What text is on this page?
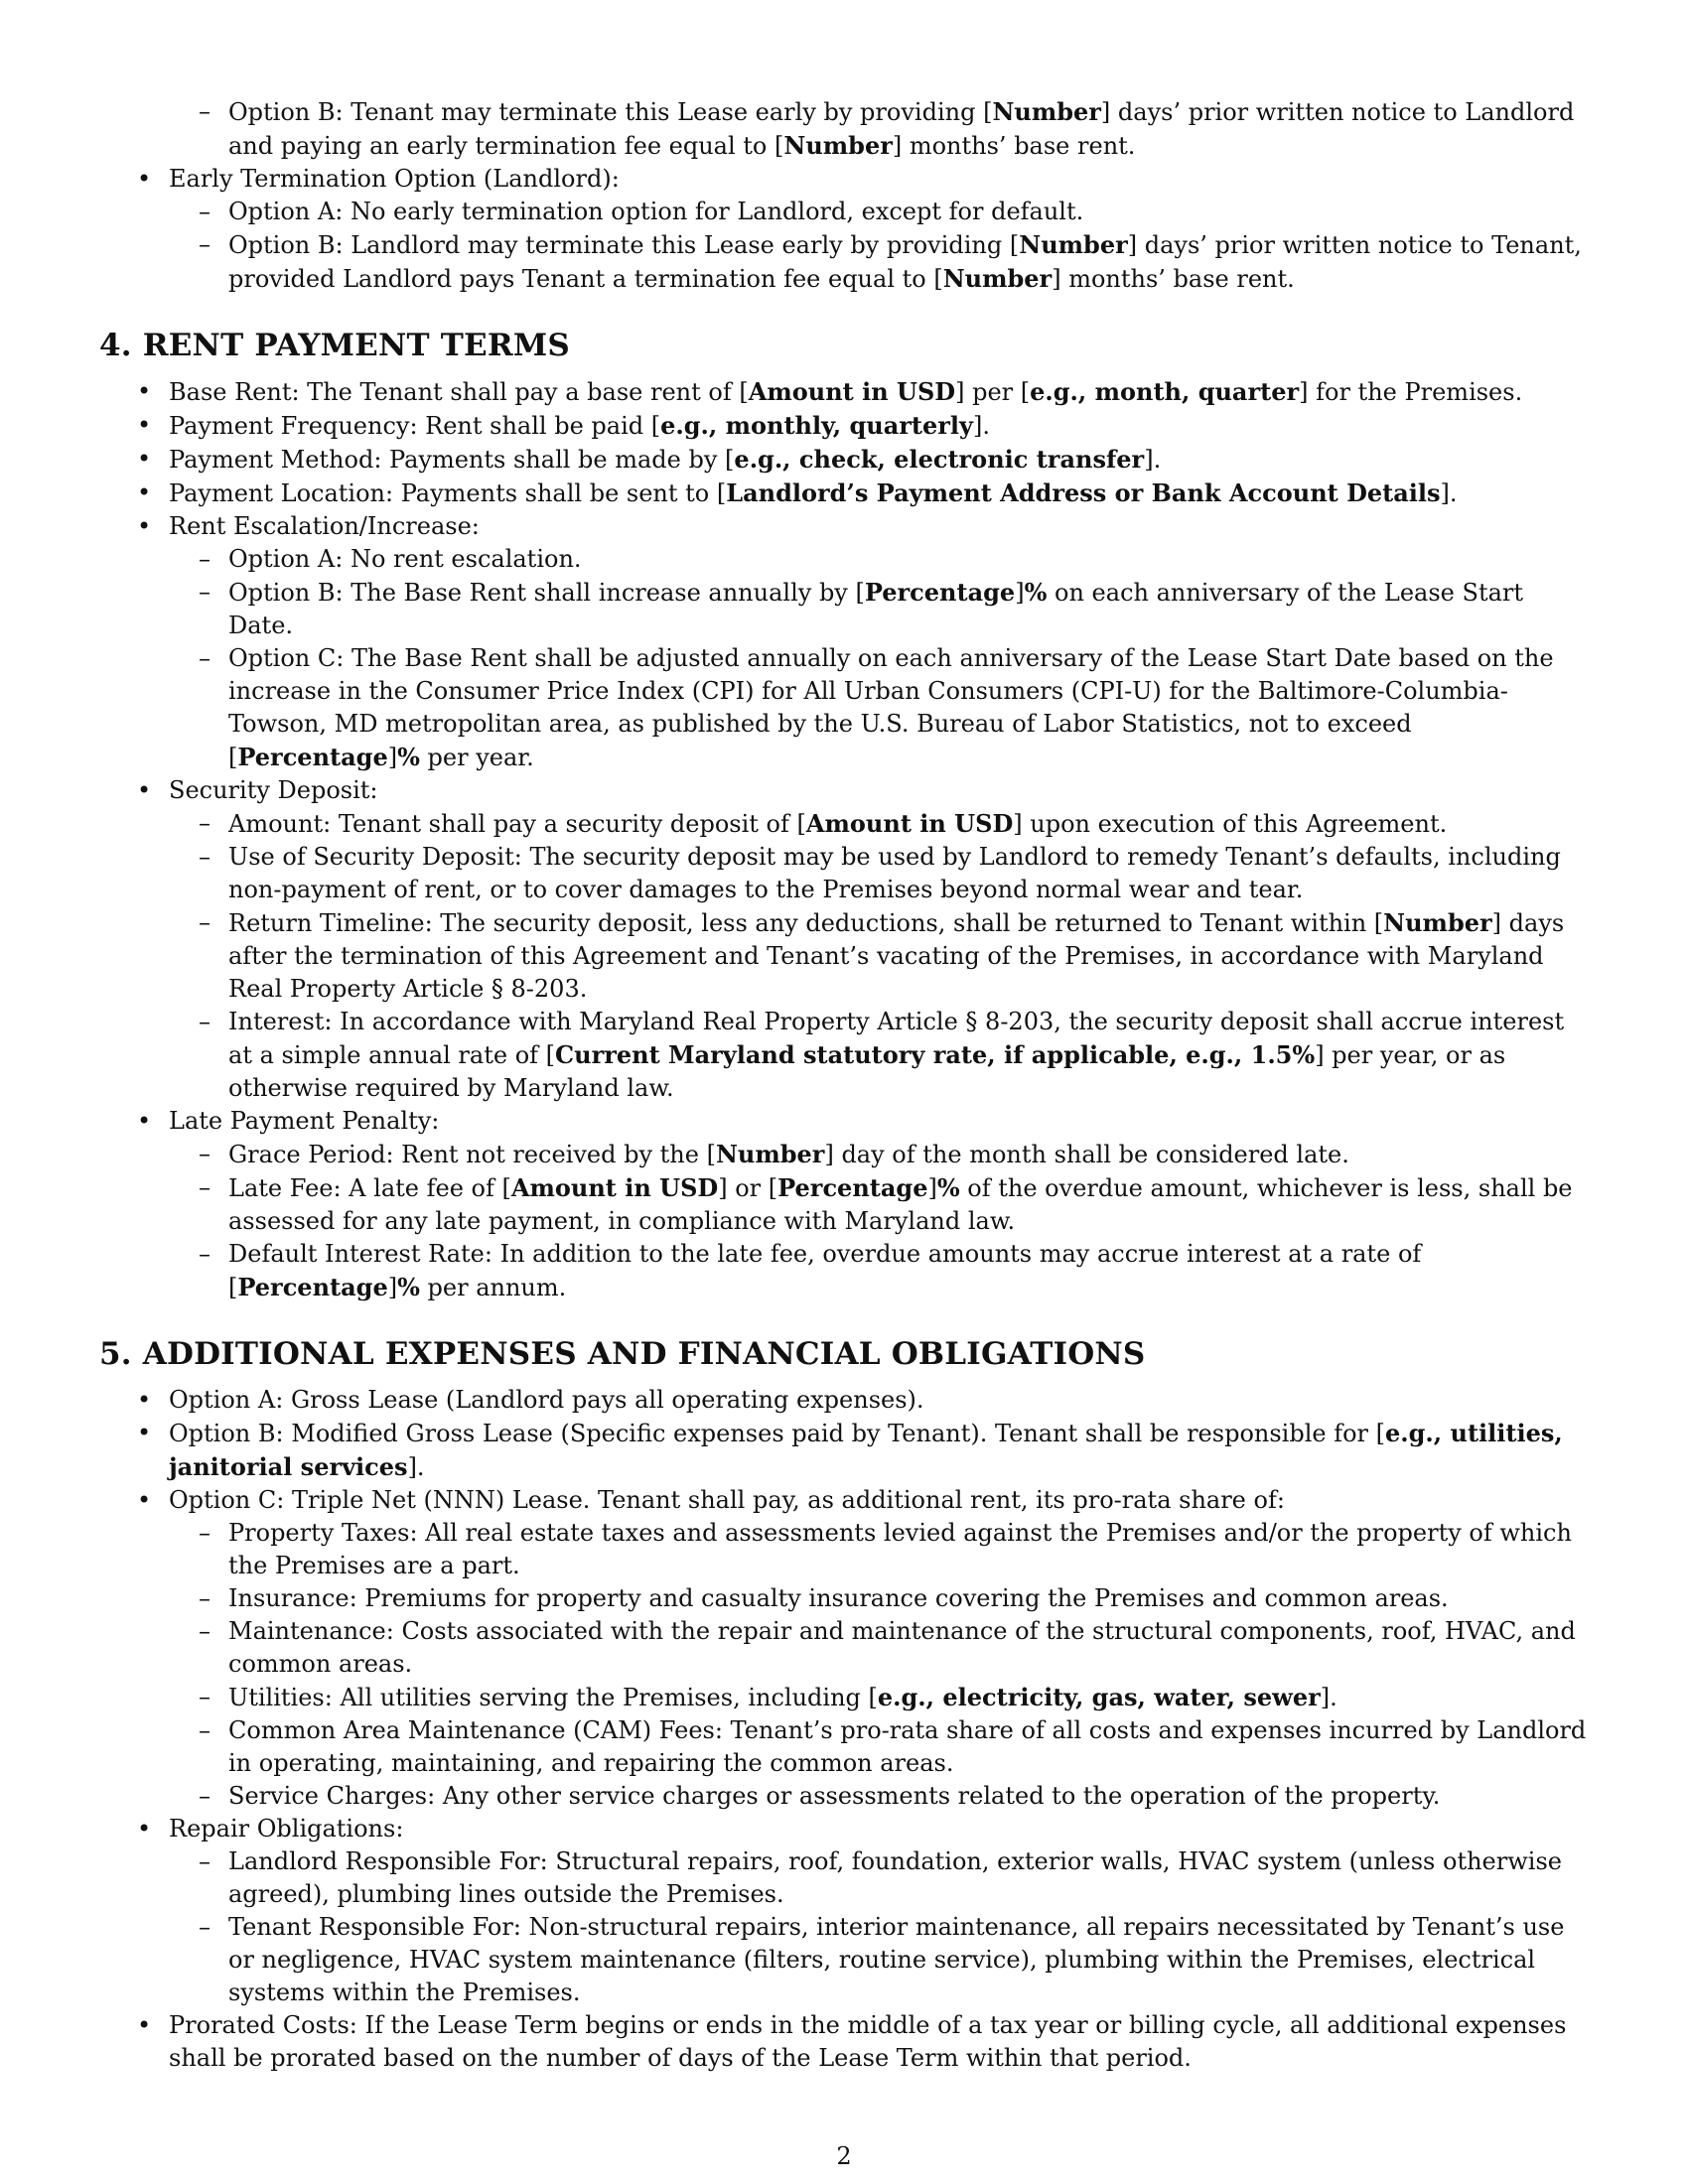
– Option B: Tenant may terminate this Lease early by providing [Number] days’ prior written notice to Landlord and paying an early termination fee equal to [Number] months’ base rent.
• Early Termination Option (Landlord):
– Option A: No early termination option for Landlord, except for default.
– Option B: Landlord may terminate this Lease early by providing [Number] days’ prior written notice to Tenant, provided Landlord pays Tenant a termination fee equal to [Number] months’ base rent.
4. RENT PAYMENT TERMS
• Base Rent: The Tenant shall pay a base rent of [Amount in USD] per [e.g., month, quarter] for the Premises.
• Payment Frequency: Rent shall be paid [e.g., monthly, quarterly].
• Payment Method: Payments shall be made by [e.g., check, electronic transfer].
• Payment Location: Payments shall be sent to [Landlord’s Payment Address or Bank Account Details].
• Rent Escalation/Increase:
– Option A: No rent escalation.
– Option B: The Base Rent shall increase annually by [Percentage]% on each anniversary of the Lease Start Date.
– Option C: The Base Rent shall be adjusted annually on each anniversary of the Lease Start Date based on the increase in the Consumer Price Index (CPI) for All Urban Consumers (CPI-U) for the Baltimore-Columbia-Towson, MD metropolitan area, as published by the U.S. Bureau of Labor Statistics, not to exceed [Percentage]% per year.
• Security Deposit:
– Amount: Tenant shall pay a security deposit of [Amount in USD] upon execution of this Agreement.
– Use of Security Deposit: The security deposit may be used by Landlord to remedy Tenant’s defaults, including non-payment of rent, or to cover damages to the Premises beyond normal wear and tear.
– Return Timeline: The security deposit, less any deductions, shall be returned to Tenant within [Number] days after the termination of this Agreement and Tenant’s vacating of the Premises, in accordance with Maryland Real Property Article § 8-203.
– Interest: In accordance with Maryland Real Property Article § 8-203, the security deposit shall accrue interest at a simple annual rate of [Current Maryland statutory rate, if applicable, e.g., 1.5%] per year, or as otherwise required by Maryland law.
• Late Payment Penalty:
– Grace Period: Rent not received by the [Number] day of the month shall be considered late.
– Late Fee: A late fee of [Amount in USD] or [Percentage]% of the overdue amount, whichever is less, shall be assessed for any late payment, in compliance with Maryland law.
– Default Interest Rate: In addition to the late fee, overdue amounts may accrue interest at a rate of [Percentage]% per annum.
5. ADDITIONAL EXPENSES AND FINANCIAL OBLIGATIONS
• Option A: Gross Lease (Landlord pays all operating expenses).
• Option B: Modified Gross Lease (Specific expenses paid by Tenant). Tenant shall be responsible for [e.g., utilities, janitorial services].
• Option C: Triple Net (NNN) Lease. Tenant shall pay, as additional rent, its pro-rata share of:
– Property Taxes: All real estate taxes and assessments levied against the Premises and/or the property of which the Premises are a part.
– Insurance: Premiums for property and casualty insurance covering the Premises and common areas.
– Maintenance: Costs associated with the repair and maintenance of the structural components, roof, HVAC, and common areas.
– Utilities: All utilities serving the Premises, including [e.g., electricity, gas, water, sewer].
– Common Area Maintenance (CAM) Fees: Tenant’s pro-rata share of all costs and expenses incurred by Landlord in operating, maintaining, and repairing the common areas.
– Service Charges: Any other service charges or assessments related to the operation of the property.
• Repair Obligations:
– Landlord Responsible For: Structural repairs, roof, foundation, exterior walls, HVAC system (unless otherwise agreed), plumbing lines outside the Premises.
– Tenant Responsible For: Non-structural repairs, interior maintenance, all repairs necessitated by Tenant’s use or negligence, HVAC system maintenance (filters, routine service), plumbing within the Premises, electrical systems within the Premises.
• Prorated Costs: If the Lease Term begins or ends in the middle of a tax year or billing cycle, all additional expenses shall be prorated based on the number of days of the Lease Term within that period.
2
